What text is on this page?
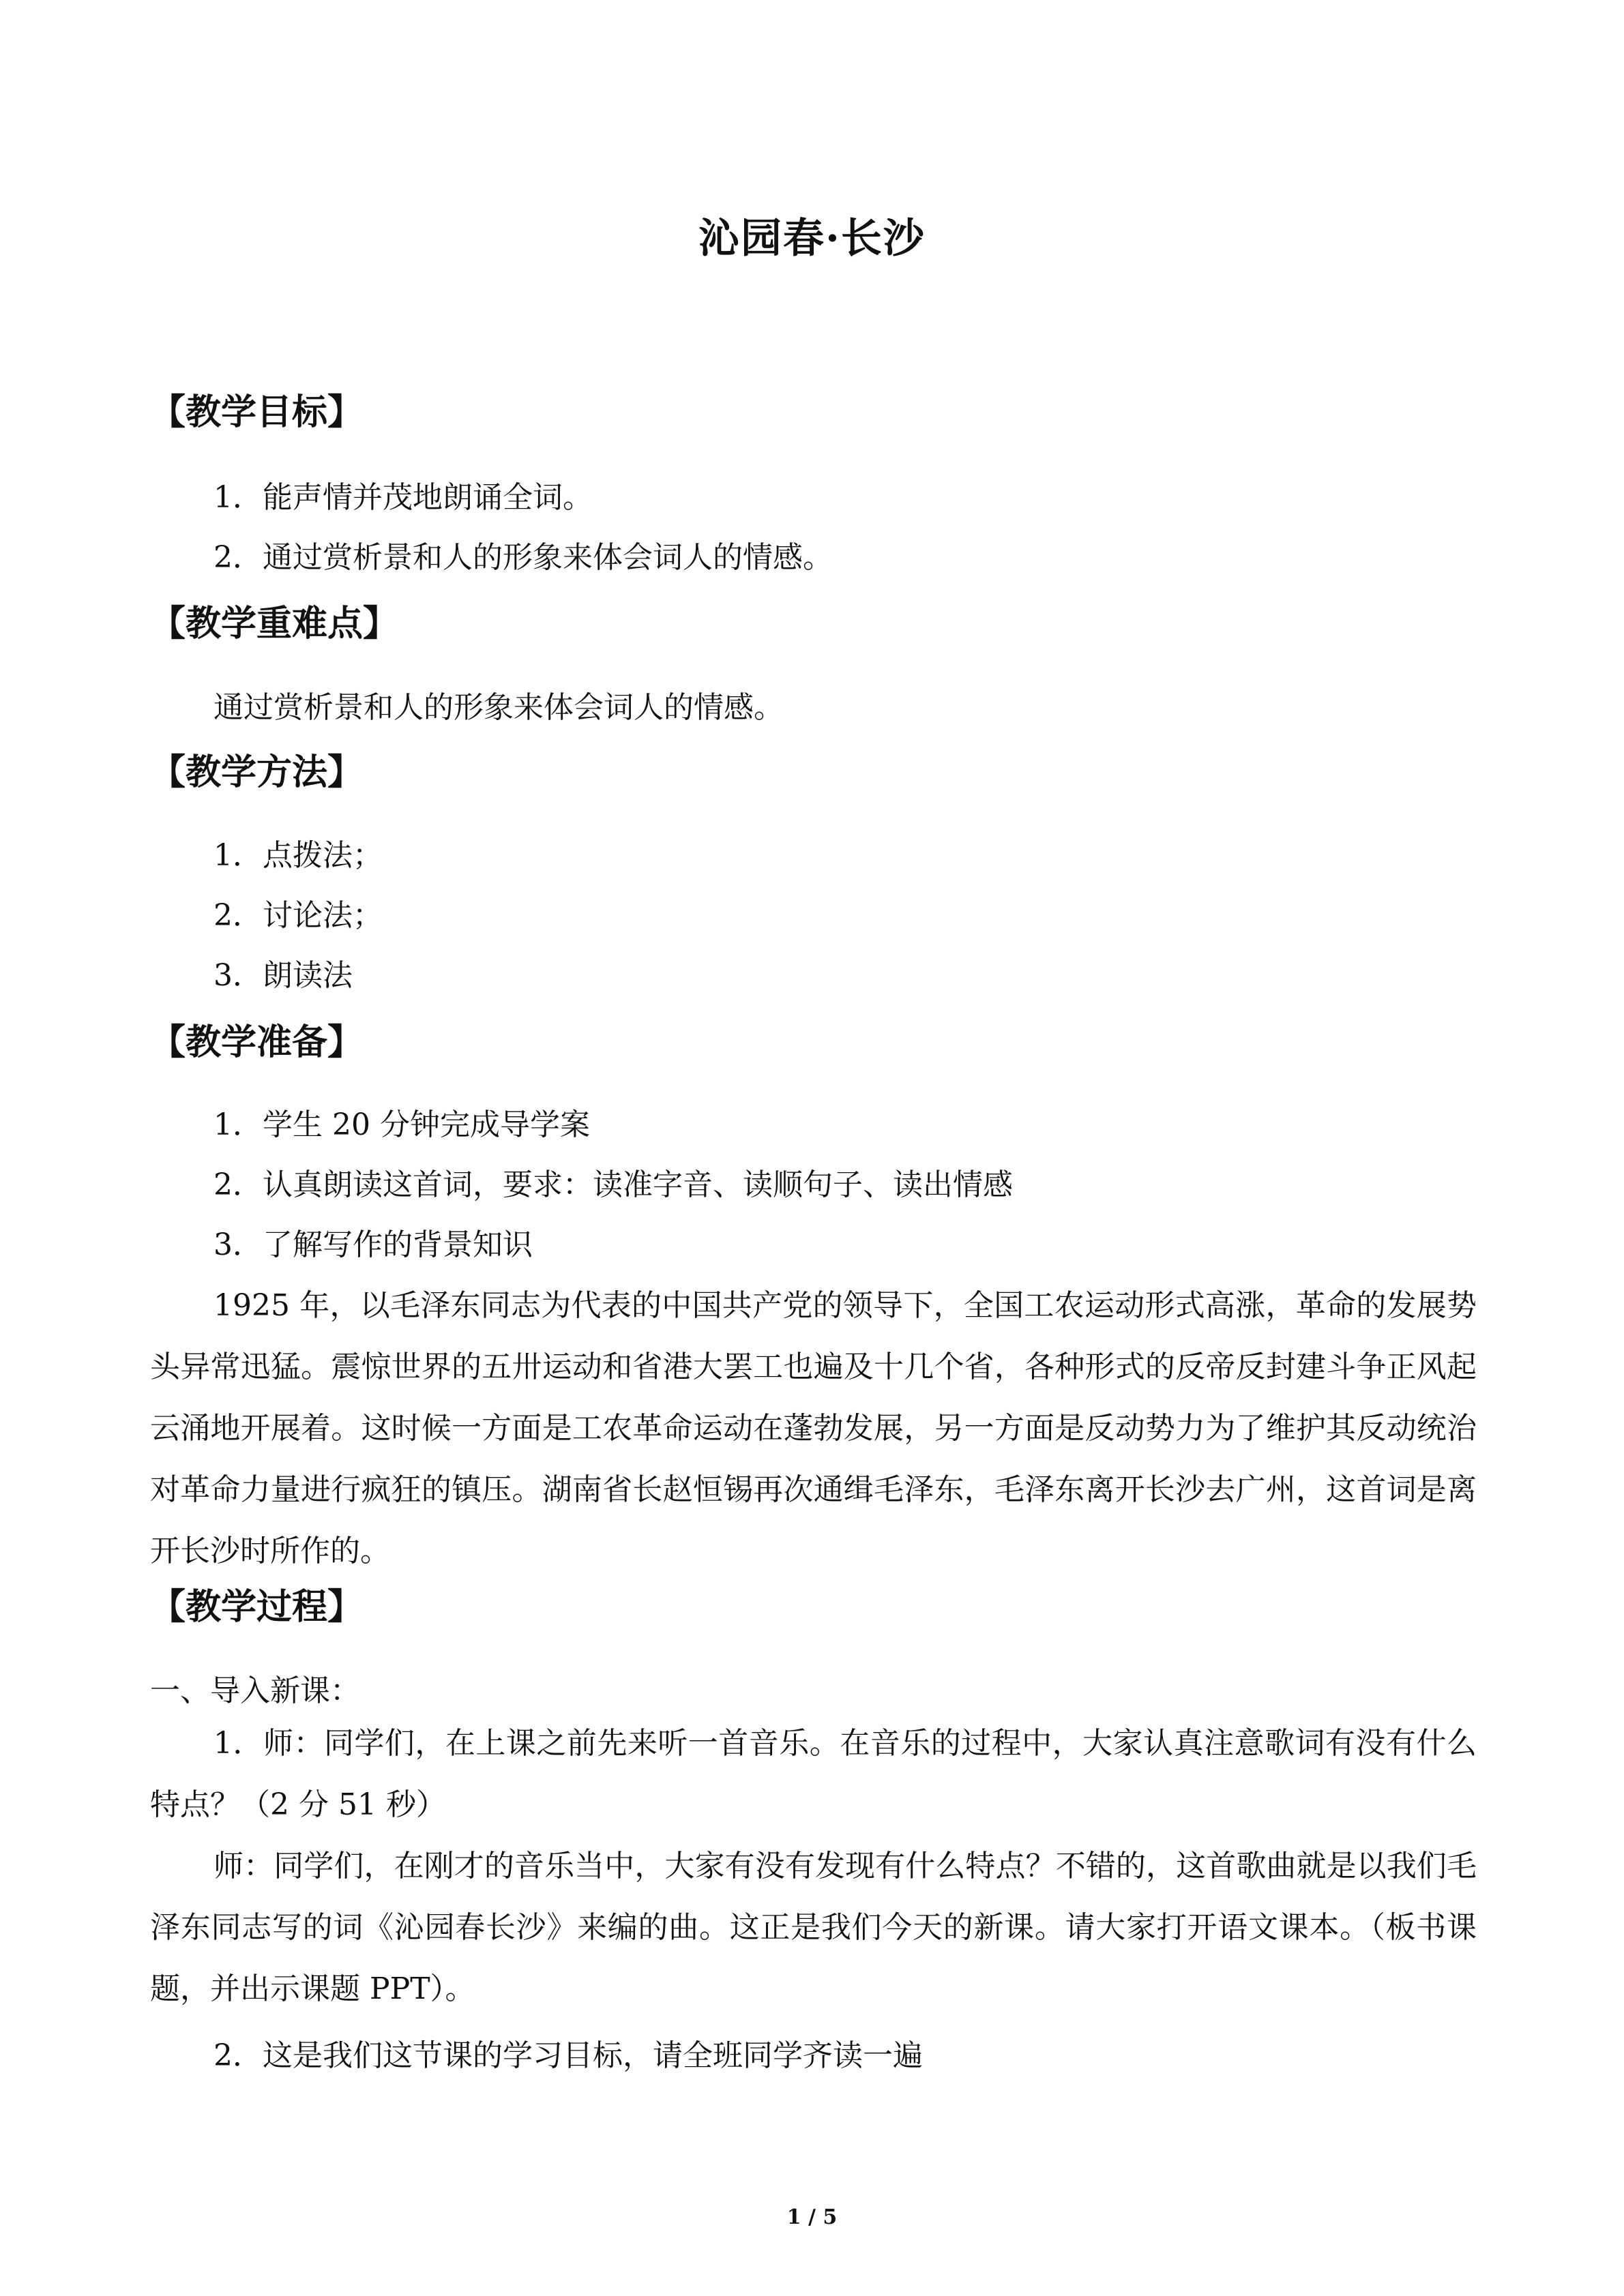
沁园春·长沙
【教学目标】
1．能声情并茂地朗诵全词。
2．通过赏析景和人的形象来体会词人的情感。
【教学重难点】
通过赏析景和人的形象来体会词人的情感。
【教学方法】
1．点拨法；
2．讨论法；
3．朗读法
【教学准备】
1．学生 20 分钟完成导学案
2．认真朗读这首词，要求：读准字音、读顺句子、读出情感
3．了解写作的背景知识
1925 年，以毛泽东同志为代表的中国共产党的领导下，全国工农运动形式高涨，革命的发展势头异常迅猛。震惊世界的五卅运动和省港大罢工也遍及十几个省，各种形式的反帝反封建斗争正风起云涌地开展着。这时候一方面是工农革命运动在蓬勃发展，另一方面是反动势力为了维护其反动统治对革命力量进行疯狂的镇压。湖南省长赵恒锡再次通缉毛泽东，毛泽东离开长沙去广州，这首词是离开长沙时所作的。
【教学过程】
一、导入新课：
1．师：同学们，在上课之前先来听一首音乐。在音乐的过程中，大家认真注意歌词有没有什么特点？（2 分 51 秒）
师：同学们，在刚才的音乐当中，大家有没有发现有什么特点？不错的，这首歌曲就是以我们毛泽东同志写的词《沁园春长沙》来编的曲。这正是我们今天的新课。请大家打开语文课本。（板书课题，并出示课题 PPT）。
2．这是我们这节课的学习目标，请全班同学齐读一遍
1 / 5
